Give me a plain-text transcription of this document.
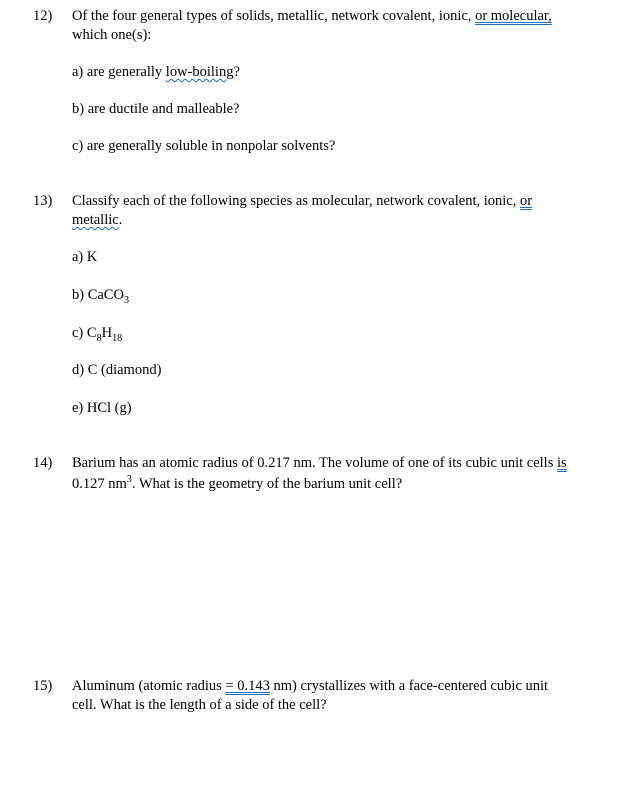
12) Of the four general types of solids, metallic, network covalent, ionic, or molecular,
which one(s):
a) are generally low-boiling?
b) are ductile and malleable?
c) are generally soluble in nonpolar solvents?
13) Classify each of the following species as molecular, network covalent, ionic, or
metallic.
a) K
b) CaCO$_3$
c) $C_8H_{18}$
d) C (diamond)
e) HCl (g)
14) Barium has an atomic radius of 0.217 nm. The volume of one of its cubic unit cells is
0.127 $nm^3$. What is the geometry of the barium unit cell?
15) Aluminum (atomic radius = 0.143 nm) crystallizes with a face-centered cubic unit
cell. What is the length of a side of the cell?
